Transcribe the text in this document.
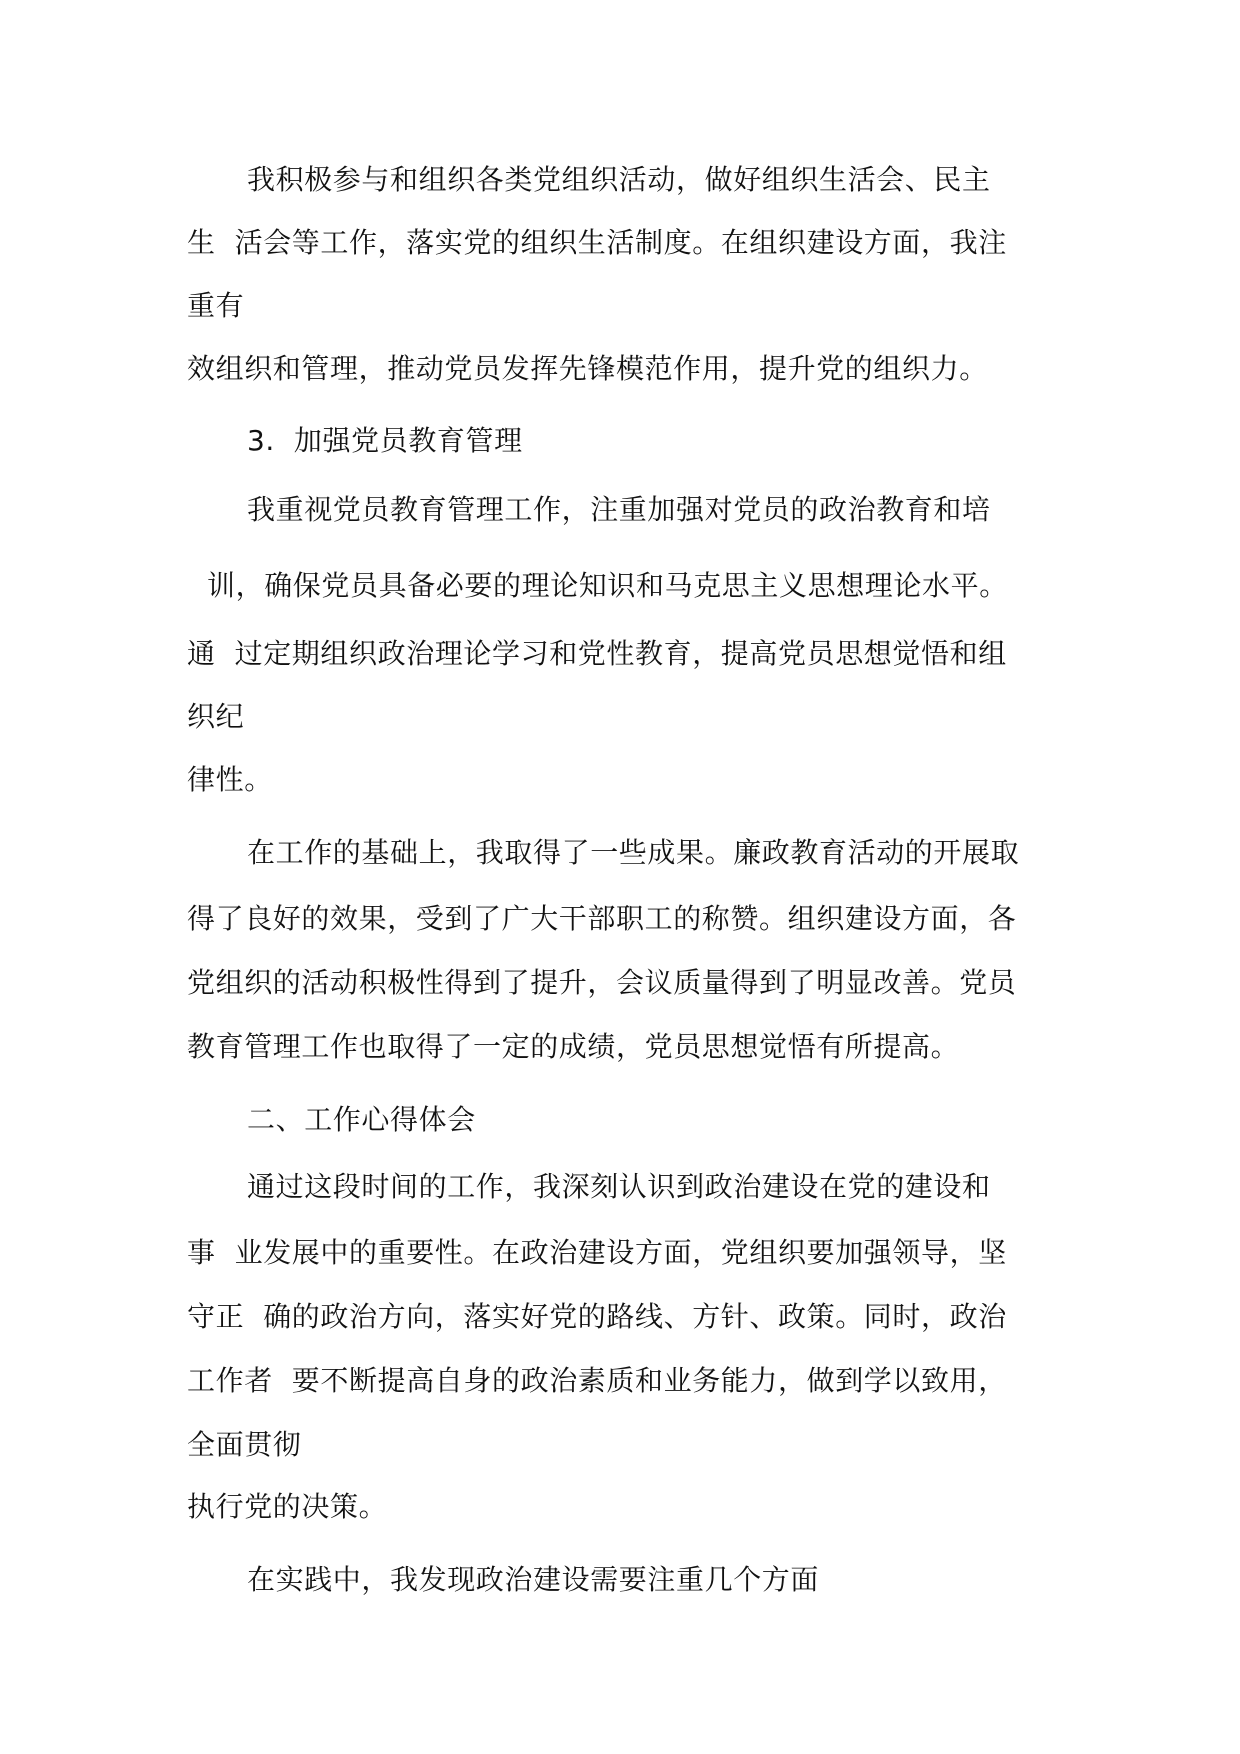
我积极参与和组织各类党组织活动，做好组织生活会、民主
生  活会等工作，落实党的组织生活制度。在组织建设方面，我注
重有
效组织和管理，推动党员发挥先锋模范作用，提升党的组织力。
3.  加强党员教育管理
我重视党员教育管理工作，注重加强对党员的政治教育和培
训，确保党员具备必要的理论知识和马克思主义思想理论水平。
通  过定期组织政治理论学习和党性教育，提高党员思想觉悟和组
织纪
律性。
在工作的基础上，我取得了一些成果。廉政教育活动的开展取
得了良好的效果，受到了广大干部职工的称赞。组织建设方面，各
党组织的活动积极性得到了提升，会议质量得到了明显改善。党员
教育管理工作也取得了一定的成绩，党员思想觉悟有所提高。
二、工作心得体会
通过这段时间的工作，我深刻认识到政治建设在党的建设和
事  业发展中的重要性。在政治建设方面，党组织要加强领导，坚
守正  确的政治方向，落实好党的路线、方针、政策。同时，政治
工作者  要不断提高自身的政治素质和业务能力，做到学以致用，
全面贯彻
执行党的决策。
在实践中，我发现政治建设需要注重几个方面
